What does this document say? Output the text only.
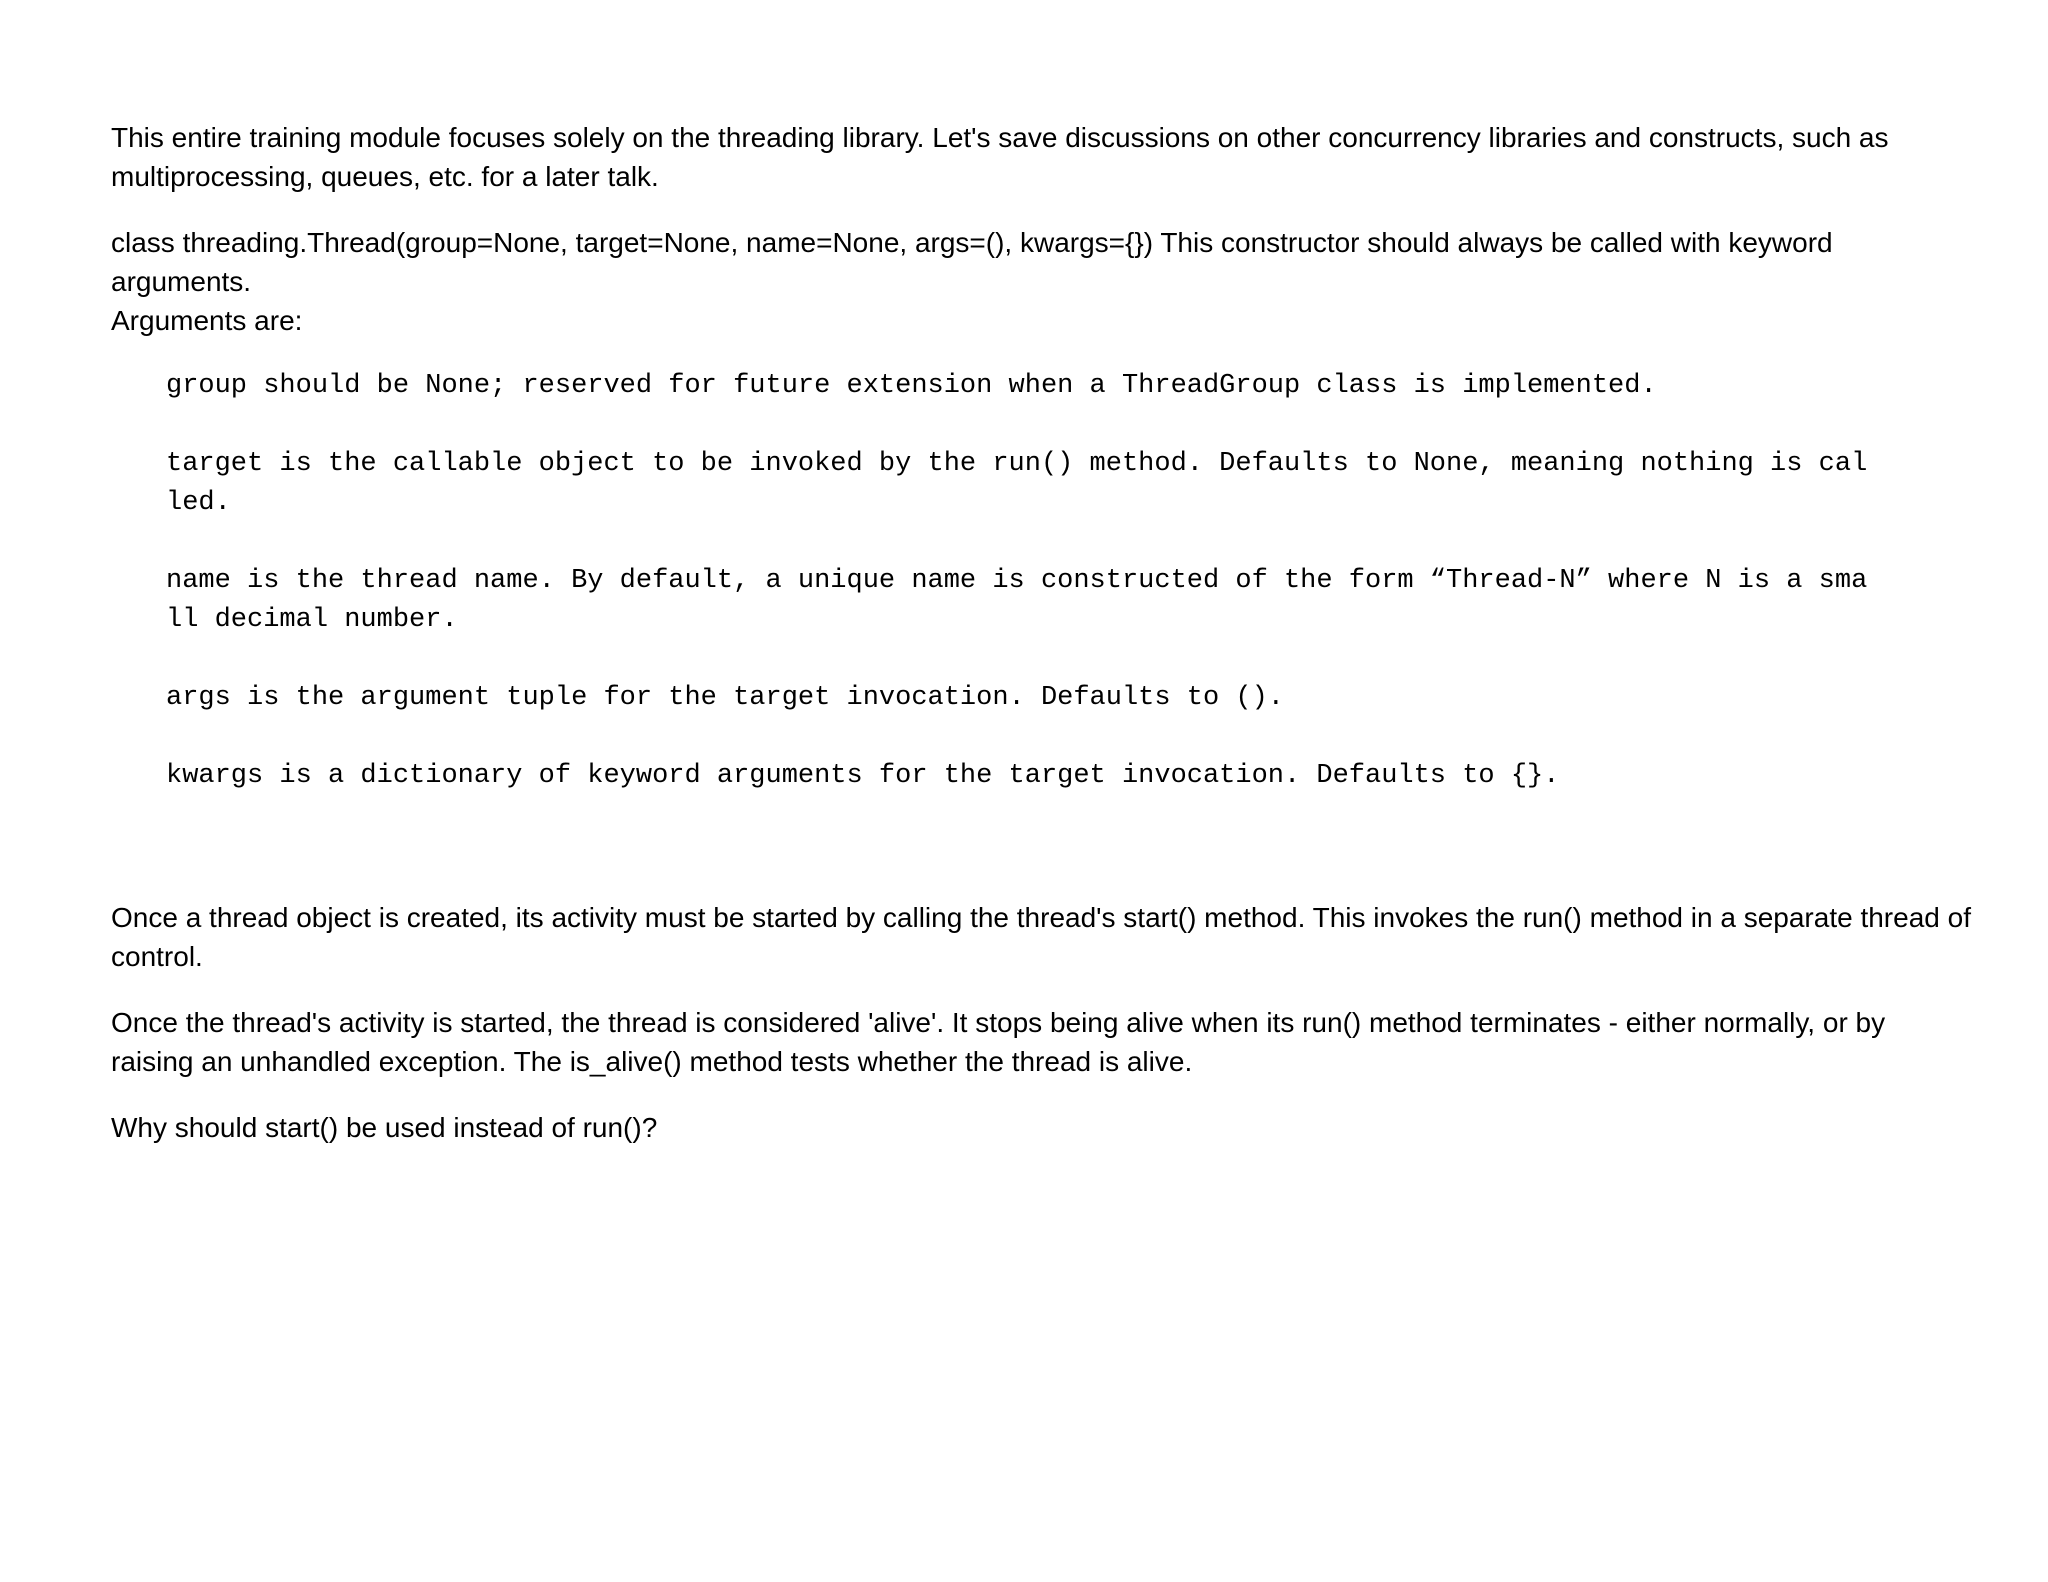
This entire training module focuses solely on the threading library. Let's save discussions on other concurrency libraries and constructs, such as
multiprocessing, queues, etc. for a later talk.
class threading.Thread(group=None, target=None, name=None, args=(), kwargs={}) This constructor should always be called with keyword arguments.
Arguments are:
group should be None; reserved for future extension when a ThreadGroup class is implemented.
target is the callable object to be invoked by the run() method. Defaults to None, meaning nothing is cal
led.
name is the thread name. By default, a unique name is constructed of the form “Thread-N” where N is a sma
ll decimal number.
args is the argument tuple for the target invocation. Defaults to ().
kwargs is a dictionary of keyword arguments for the target invocation. Defaults to {}.
Once a thread object is created, its activity must be started by calling the thread's start() method. This invokes the run() method in a separate thread of
control.
Once the thread's activity is started, the thread is considered 'alive'. It stops being alive when its run() method terminates - either normally, or by
raising an unhandled exception. The is_alive() method tests whether the thread is alive.
Why should start() be used instead of run()?
